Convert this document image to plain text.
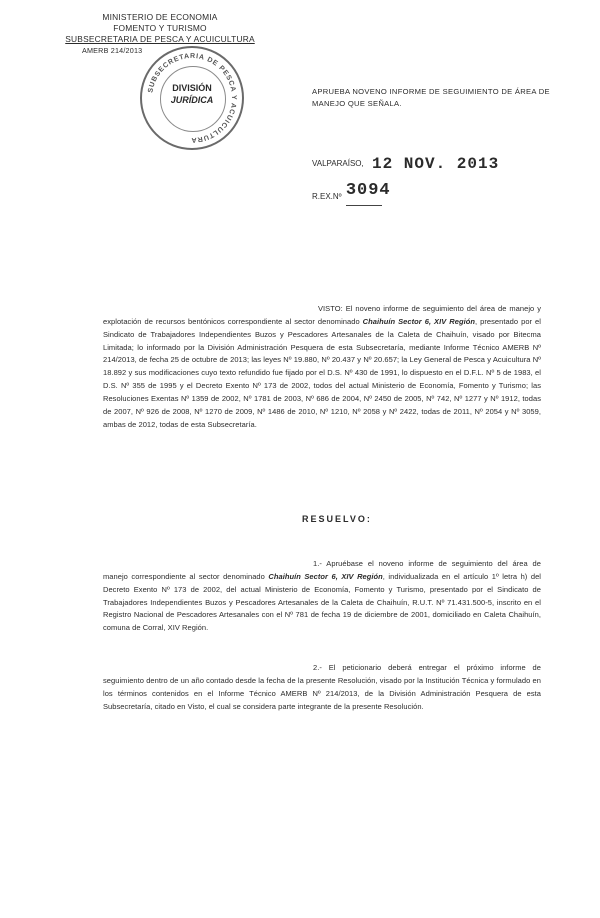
MINISTERIO DE ECONOMIA
FOMENTO Y TURISMO
SUBSECRETARIA DE PESCA Y ACUICULTURA
AMERB 214/2013
SUBSECRETARIA DE PESCA Y ACUICULTURA
DIVISIÓN
JURÍDICA
APRUEBA NOVENO INFORME DE SEGUIMIENTO DE ÁREA DE MANEJO QUE SEÑALA.
VALPARAÍSO, 12 NOV. 2013
R.EX.Nº 3094
VISTO: El noveno informe de seguimiento del área de manejo y explotación de recursos bentónicos correspondiente al sector denominado Chaihuín Sector 6, XIV Región, presentado por el Sindicato de Trabajadores Independientes Buzos y Pescadores Artesanales de la Caleta de Chaihuín, visado por Bitecma Limitada; lo informado por la División Administración Pesquera de esta Subsecretaría, mediante Informe Técnico AMERB Nº 214/2013, de fecha 25 de octubre de 2013; las leyes Nº 19.880, Nº 20.437 y Nº 20.657; la Ley General de Pesca y Acuicultura Nº 18.892 y sus modificaciones cuyo texto refundido fue fijado por el D.S. Nº 430 de 1991, lo dispuesto en el D.F.L. Nº 5 de 1983, el D.S. Nº 355 de 1995 y el Decreto Exento Nº 173 de 2002, todos del actual Ministerio de Economía, Fomento y Turismo; las Resoluciones Exentas Nº 1359 de 2002, Nº 1781 de 2003, Nº 686 de 2004, Nº 2450 de 2005, Nº 742, Nº 1277 y Nº 1912, todas de 2007, Nº 926 de 2008, Nº 1270 de 2009, Nº 1486 de 2010, Nº 1210, Nº 2058 y Nº 2422, todas de 2011, Nº 2054 y Nº 3059, ambas de 2012, todas de esta Subsecretaría.
RESUELVO:
1.- Apruébase el noveno informe de seguimiento del área de manejo correspondiente al sector denominado Chaihuín Sector 6, XIV Región, individualizada en el artículo 1º letra h) del Decreto Exento Nº 173 de 2002, del actual Ministerio de Economía, Fomento y Turismo, presentado por el Sindicato de Trabajadores Independientes Buzos y Pescadores Artesanales de la Caleta de Chaihuín, R.U.T. Nº 71.431.500-5, inscrito en el Registro Nacional de Pescadores Artesanales con el Nº 781 de fecha 19 de diciembre de 2001, domiciliado en Caleta Chaihuín, comuna de Corral, XIV Región.
2.- El peticionario deberá entregar el próximo informe de seguimiento dentro de un año contado desde la fecha de la presente Resolución, visado por la Institución Técnica y formulado en los términos contenidos en el Informe Técnico AMERB Nº 214/2013, de la División Administración Pesquera de esta Subsecretaría, citado en Visto, el cual se considera parte integrante de la presente Resolución.
